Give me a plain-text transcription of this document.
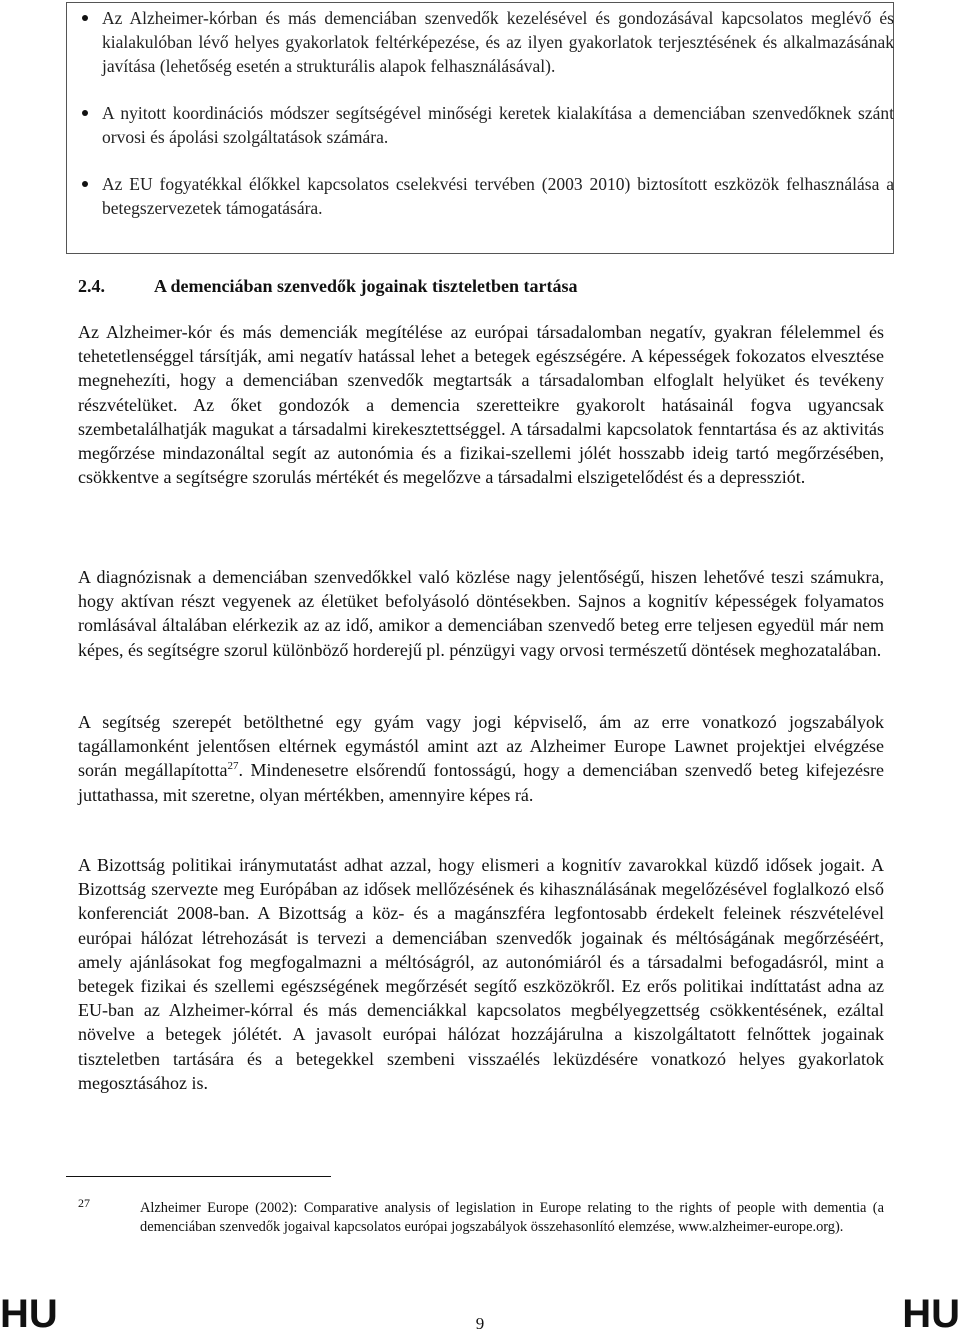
Az Alzheimer-kórban és más demenciában szenvedők kezelésével és gondozásával kapcsolatos meglévő és kialakulóban lévő helyes gyakorlatok feltérképezése, és az ilyen gyakorlatok terjesztésének és alkalmazásának javítása (lehetőség esetén a strukturális alapok felhasználásával).
A nyitott koordinációs módszer segítségével minőségi keretek kialakítása a demenciában szenvedőknek szánt orvosi és ápolási szolgáltatások számára.
Az EU fogyatékkal élőkkel kapcsolatos cselekvési tervében (2003 2010) biztosított eszközök felhasználása a betegszervezetek támogatására.
2.4.	A demenciában szenvedők jogainak tiszteletben tartása

Az Alzheimer-kór és más demenciák megítélése az európai társadalomban negatív, gyakran félelemmel és tehetetlenséggel társítják, ami negatív hatással lehet a betegek egészségére. A képességek fokozatos elvesztése megnehezíti, hogy a demenciában szenvedők megtartsák a társadalomban elfoglalt helyüket és tevékeny részvételüket. Az őket gondozók a demencia szeretteikre gyakorolt hatásainál fogva ugyancsak szembetalálhatják magukat a társadalmi kirekesztettséggel. A társadalmi kapcsolatok fenntartása és az aktivitás megőrzése mindazonáltal segít az autonómia és a fizikai-szellemi jólét hosszabb ideig tartó megőrzésében, csökkentve a segítségre szorulás mértékét és megelőzve a társadalmi elszigetelődést és a depressziót.

A diagnózisnak a demenciában szenvedőkkel való közlése nagy jelentőségű, hiszen lehetővé teszi számukra, hogy aktívan részt vegyenek az életüket befolyásoló döntésekben. Sajnos a kognitív képességek folyamatos romlásával általában elérkezik az az idő, amikor a demenciában szenvedő beteg erre teljesen egyedül már nem képes, és segítségre szorul különböző horderejű pl. pénzügyi vagy orvosi természetű döntések meghozatalában.

A segítség szerepét betölthetné egy gyám vagy jogi képviselő, ám az erre vonatkozó jogszabályok tagállamonként jelentősen eltérnek egymástól amint azt az Alzheimer Europe Lawnet projektjei elvégzése során megállapította$^{27}$. Mindenesetre elsőrendű fontosságú, hogy a demenciában szenvedő beteg kifejezésre juttathassa, mit szeretne, olyan mértékben, amennyire képes rá.

A Bizottság politikai iránymutatást adhat azzal, hogy elismeri a kognitív zavarokkal küzdő idősek jogait. A Bizottság szervezte meg Európában az idősek mellőzésének és kihasználásának megelőzésével foglalkozó első konferenciát 2008-ban. A Bizottság a köz- és a magánszféra legfontosabb érdekelt feleinek részvételével európai hálózat létrehozását is tervezi a demenciában szenvedők jogainak és méltóságának megőrzéséért, amely ajánlásokat fog megfogalmazni a méltóságról, az autonómiáról és a társadalmi befogadásról, mint a betegek fizikai és szellemi egészségének megőrzését segítő eszközökről. Ez erős politikai indíttatást adna az EU-ban az Alzheimer-kórral és más demenciákkal kapcsolatos megbélyegzettség csökkentésének, ezáltal növelve a betegek jólétét. A javasolt európai hálózat hozzájárulna a kiszolgáltatott felnőttek jogainak tiszteletben tartására és a betegekkel szembeni visszaélés leküzdésére vonatkozó helyes gyakorlatok megosztásához is.

27	Alzheimer Europe (2002): Comparative analysis of legislation in Europe relating to the rights of people with dementia (a demenciában szenvedők jogaival kapcsolatos európai jogszabályok összehasonlító elemzése, www.alzheimer-europe.org).

HU	9	HU
